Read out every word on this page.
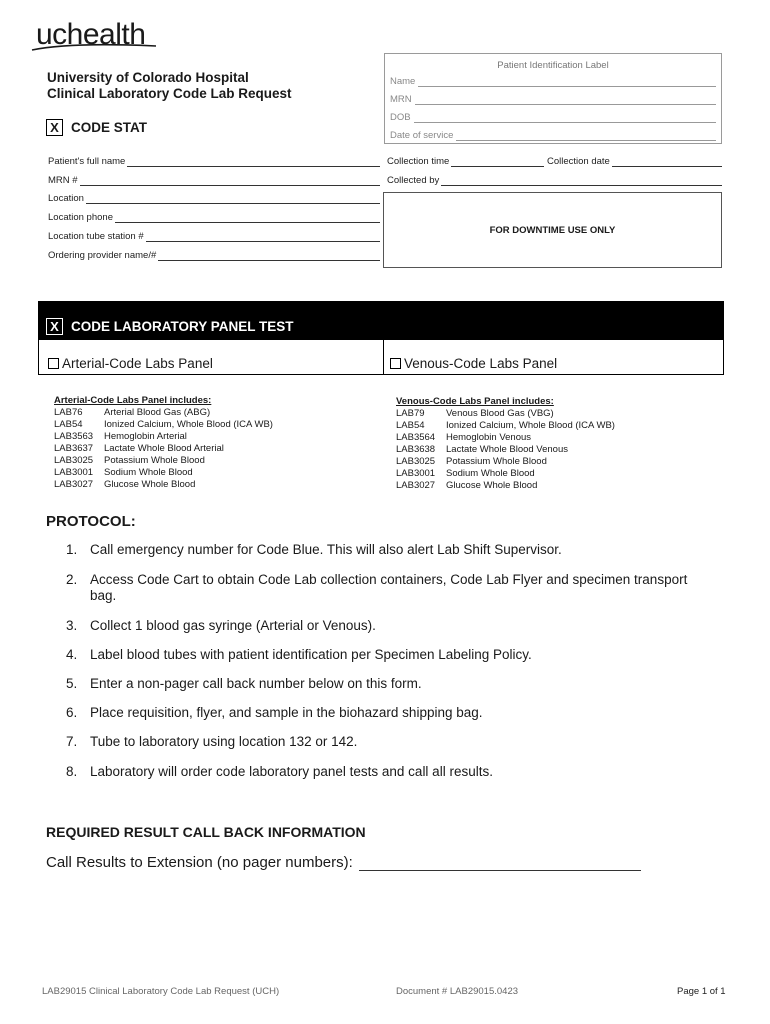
uchealth
University of Colorado Hospital
Clinical Laboratory Code Lab Request
X CODE STAT
Patient Identification Label
Name
MRN
DOB
Date of service
Patient's full name
MRN #
Location
Location phone
Location tube station #
Ordering provider name/#
Collection time	Collection date
Collected by
FOR DOWNTIME USE ONLY
X CODE LABORATORY PANEL TEST
Arterial-Code Labs Panel	Venous-Code Labs Panel
Arterial-Code Labs Panel includes:
LAB76	Arterial Blood Gas (ABG)
LAB54	Ionized Calcium, Whole Blood (ICA WB)
LAB3563	Hemoglobin Arterial
LAB3637	Lactate Whole Blood Arterial
LAB3025	Potassium Whole Blood
LAB3001	Sodium Whole Blood
LAB3027	Glucose Whole Blood
Venous-Code Labs Panel includes:
LAB79	Venous Blood Gas (VBG)
LAB54	Ionized Calcium, Whole Blood (ICA WB)
LAB3564	Hemoglobin Venous
LAB3638	Lactate Whole Blood Venous
LAB3025	Potassium Whole Blood
LAB3001	Sodium Whole Blood
LAB3027	Glucose Whole Blood
PROTOCOL:
1. Call emergency number for Code Blue. This will also alert Lab Shift Supervisor.
2. Access Code Cart to obtain Code Lab collection containers, Code Lab Flyer and specimen transport bag.
3. Collect 1 blood gas syringe (Arterial or Venous).
4. Label blood tubes with patient identification per Specimen Labeling Policy.
5. Enter a non-pager call back number below on this form.
6. Place requisition, flyer, and sample in the biohazard shipping bag.
7. Tube to laboratory using location 132 or 142.
8. Laboratory will order code laboratory panel tests and call all results.
REQUIRED RESULT CALL BACK INFORMATION
Call Results to Extension (no pager numbers):
LAB29015 Clinical Laboratory Code Lab Request (UCH)	Document # LAB29015.0423	Page 1 of 1
